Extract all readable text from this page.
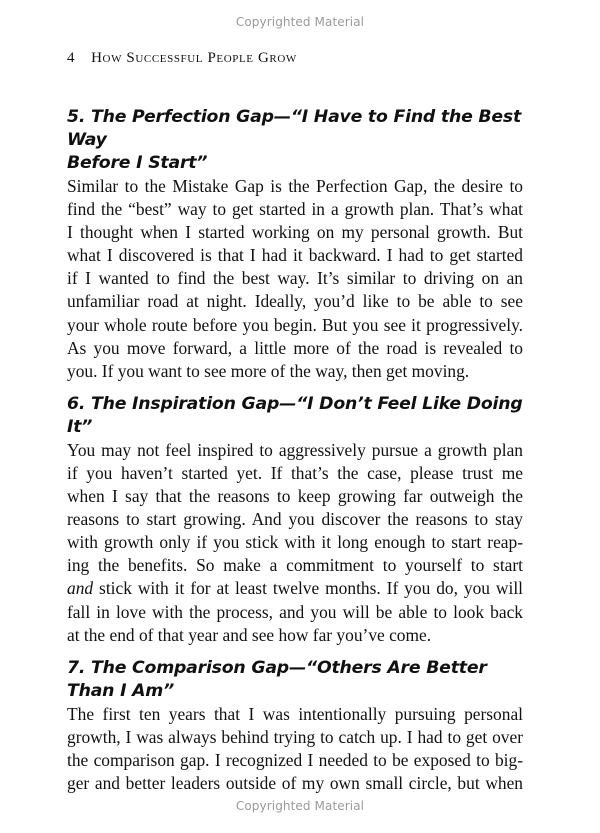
Copyrighted Material
4 How Successful People Grow
5. The Perfection Gap—“I Have to Find the Best Way
Before I Start”

Similar to the Mistake Gap is the Perfection Gap, the desire to
find the “best” way to get started in a growth plan. That’s what
I thought when I started working on my personal growth. But
what I discovered is that I had it backward. I had to get started
if I wanted to find the best way. It’s similar to driving on an
unfamiliar road at night. Ideally, you’d like to be able to see
your whole route before you begin. But you see it progressively.
As you move forward, a little more of the road is revealed to
you. If you want to see more of the way, then get moving.

6. The Inspiration Gap—“I Don’t Feel Like Doing It”

You may not feel inspired to aggressively pursue a growth plan
if you haven’t started yet. If that’s the case, please trust me
when I say that the reasons to keep growing far outweigh the
reasons to start growing. And you discover the reasons to stay
with growth only if you stick with it long enough to start reap-
ing the benefits. So make a commitment to yourself to start
and stick with it for at least twelve months. If you do, you will
fall in love with the process, and you will be able to look back
at the end of that year and see how far you’ve come.

7. The Comparison Gap—“Others Are Better Than I Am”

The first ten years that I was intentionally pursuing personal
growth, I was always behind trying to catch up. I had to get over
the comparison gap. I recognized I needed to be exposed to big-
ger and better leaders outside of my own small circle, but when

Copyrighted Material
